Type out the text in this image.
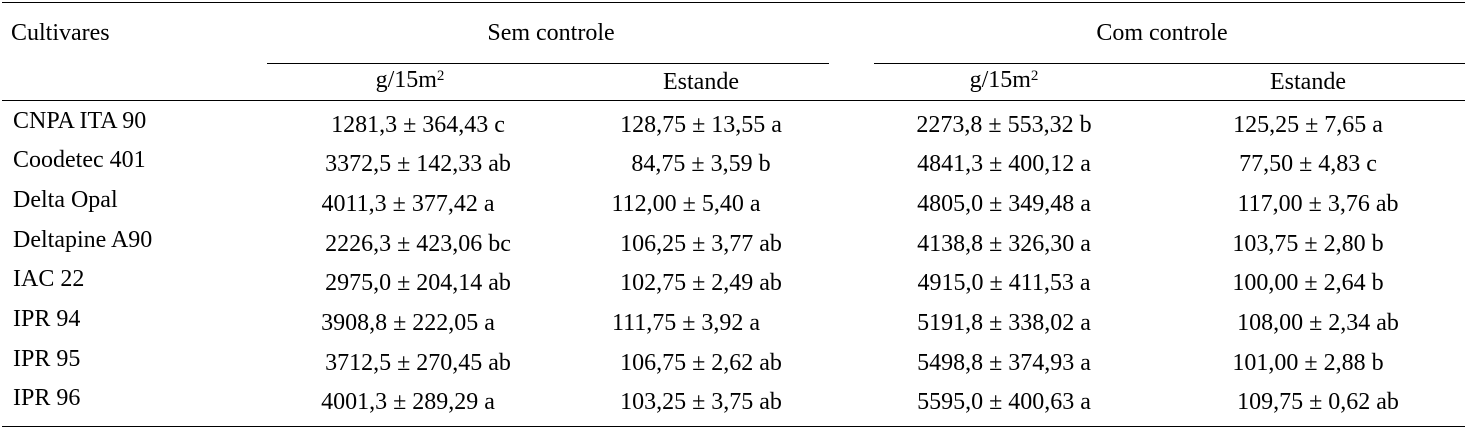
Cultivares	Sem controle	Com controle
$g/15m^2$	Estande	$g/15m^2$	Estande
CNPA ITA 90	1281,3 ± 364,43 c	128,75 ± 13,55 a	2273,8 ± 553,32 b	125,25 ± 7,65 a
Coodetec 401	3372,5 ± 142,33 ab	84,75 ± 3,59 b	4841,3 ± 400,12 a	77,50 ± 4,83 c
Delta Opal	4011,3 ± 377,42 a	112,00 ± 5,40 a	4805,0 ± 349,48 a	117,00 ± 3,76 ab
Deltapine A90	2226,3 ± 423,06 bc	106,25 ± 3,77 ab	4138,8 ± 326,30 a	103,75 ± 2,80 b
IAC 22	2975,0 ± 204,14 ab	102,75 ± 2,49 ab	4915,0 ± 411,53 a	100,00 ± 2,64 b
IPR 94	3908,8 ± 222,05 a	111,75 ± 3,92 a	5191,8 ± 338,02 a	108,00 ± 2,34 ab
IPR 95	3712,5 ± 270,45 ab	106,75 ± 2,62 ab	5498,8 ± 374,93 a	101,00 ± 2,88 b
IPR 96	4001,3 ± 289,29 a	103,25 ± 3,75 ab	5595,0 ± 400,63 a	109,75 ± 0,62 ab
